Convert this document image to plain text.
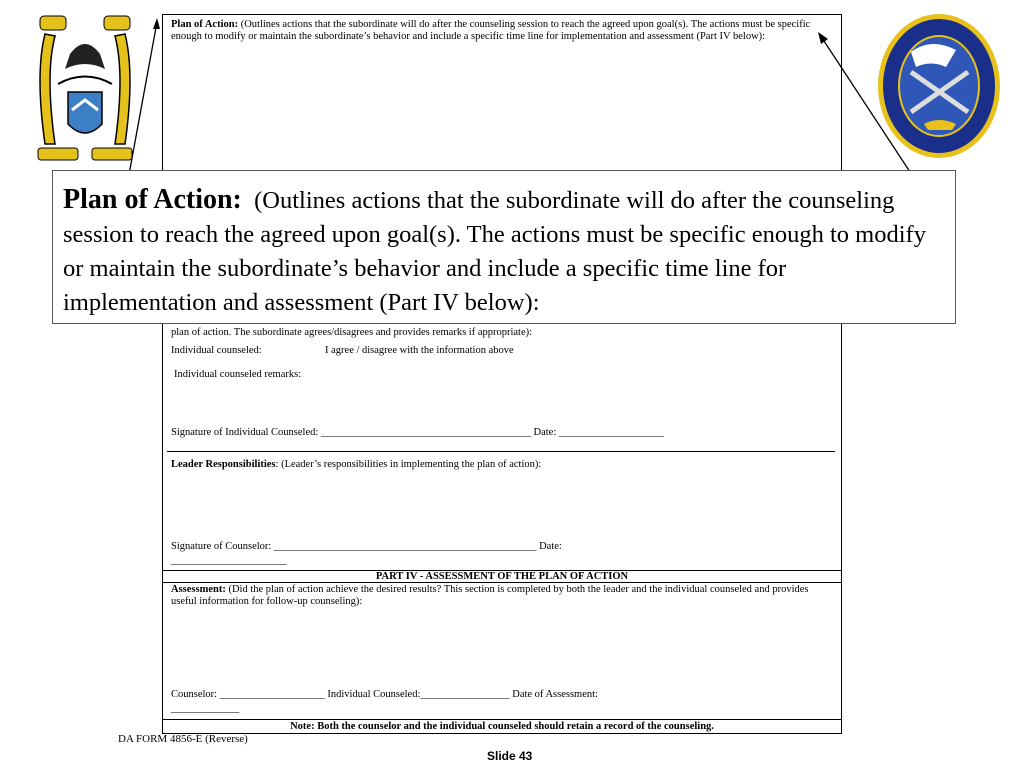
Plan of Action: (Outlines actions that the subordinate will do after the counseling session to reach the agreed upon goal(s). The actions must be specific enough to modify or maintain the subordinate’s behavior and include a specific time line for implementation and assessment (Part IV below):
plan of action. The subordinate agrees/disagrees and provides remarks if appropriate):
Individual counseled:	I agree / disagree with the information above
Individual counseled remarks:
Signature of Individual Counseled: ________________________________________ Date: ____________________
Leader Responsibilities: (Leader’s responsibilities in implementing the plan of action):
Signature of Counselor: __________________________________________________ Date:
______________________
PART IV - ASSESSMENT OF THE PLAN OF ACTION
Assessment: (Did the plan of action achieve the desired results? This section is completed by both the leader and the individual counseled and provides useful information for follow-up counseling):
Counselor: ____________________ Individual Counseled:_________________ Date of Assessment:
_____________
Note: Both the counselor and the individual counseled should retain a record of the counseling.
Plan of Action: (Outlines actions that the subordinate will do after the counseling session to reach the agreed upon goal(s). The actions must be specific enough to modify or maintain the subordinate’s behavior and include a specific time line for implementation and assessment (Part IV below):
DA FORM 4856-E (Reverse)
Slide 43
